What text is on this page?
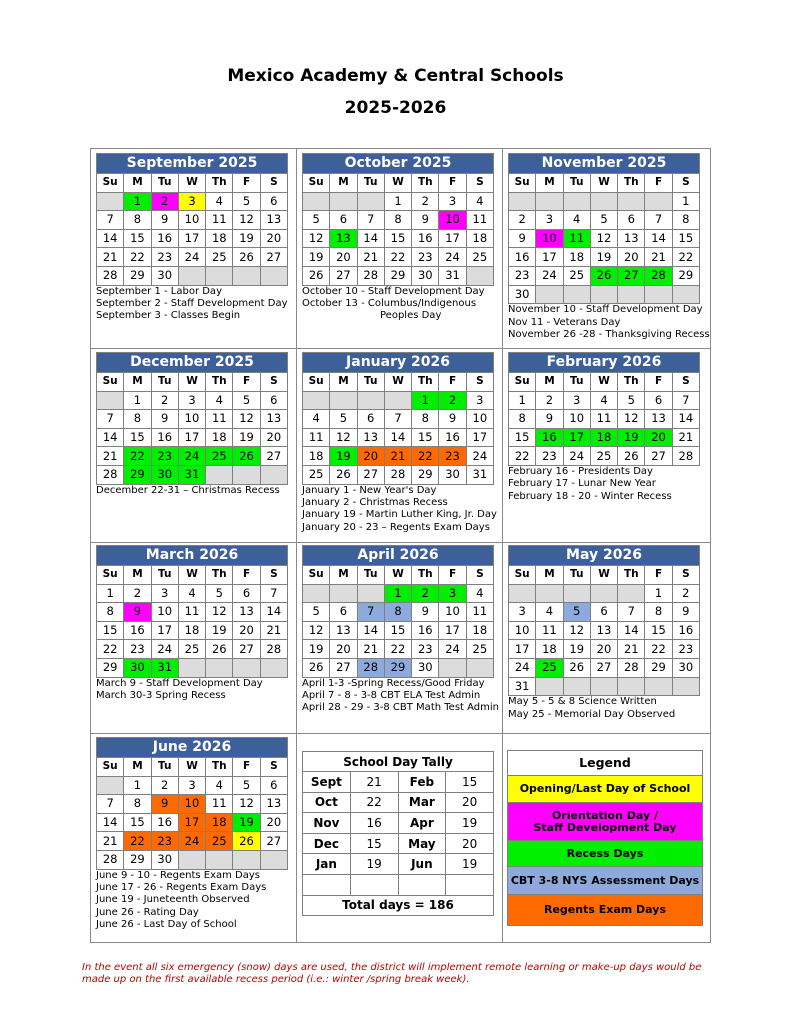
Mexico Academy & Central Schools
2025-2026
September 2025						
Su	M	Tu	W	Th	F	S
	1	2	3	4	5	6
7	8	9	10	11	12	13
14	15	16	17	18	19	20
21	22	23	24	25	26	27
28	29	30				
September 1 - Labor Day
September 2 - Staff Development Day
September 3 - Classes Begin
October 2025						
Su	M	Tu	W	Th	F	S
			1	2	3	4
5	6	7	8	9	10	11
12	13	14	15	16	17	18
19	20	21	22	23	24	25
26	27	28	29	30	31	
October 10 - Staff Development Day
October 13 - Columbus/Indigenous
Peoples Day
November 2025						
Su	M	Tu	W	Th	F	S
						1
2	3	4	5	6	7	8
9	10	11	12	13	14	15
16	17	18	19	20	21	22
23	24	25	26	27	28	29
30						
November 10 - Staff Development Day
Nov 11 - Veterans Day
November 26 -28 - Thanksgiving Recess
December 2025						
Su	M	Tu	W	Th	F	S
	1	2	3	4	5	6
7	8	9	10	11	12	13
14	15	16	17	18	19	20
21	22	23	24	25	26	27
28	29	30	31			
December 22-31 – Christmas Recess
January 2026						
Su	M	Tu	W	Th	F	S
				1	2	3
4	5	6	7	8	9	10
11	12	13	14	15	16	17
18	19	20	21	22	23	24
25	26	27	28	29	30	31
January 1 - New Year's Day
January 2 - Christmas Recess
January 19 - Martin Luther King, Jr. Day
January 20 - 23 – Regents Exam Days
February 2026						
Su	M	Tu	W	Th	F	S
1	2	3	4	5	6	7
8	9	10	11	12	13	14
15	16	17	18	19	20	21
22	23	24	25	26	27	28
February 16 - Presidents Day
February 17 - Lunar New Year
February 18 - 20 - Winter Recess
March 2026						
Su	M	Tu	W	Th	F	S
1	2	3	4	5	6	7
8	9	10	11	12	13	14
15	16	17	18	19	20	21
22	23	24	25	26	27	28
29	30	31				
March 9 - Staff Development Day
March 30-3 Spring Recess
April 2026						
Su	M	Tu	W	Th	F	S
			1	2	3	4
5	6	7	8	9	10	11
12	13	14	15	16	17	18
19	20	21	22	23	24	25
26	27	28	29	30		
April 1-3 -Spring Recess/Good Friday
April 7 - 8 - 3-8 CBT ELA Test Admin
April 28 - 29 - 3-8 CBT Math Test Admin
May 2026						
Su	M	Tu	W	Th	F	S
					1	2
3	4	5	6	7	8	9
10	11	12	13	14	15	16
17	18	19	20	21	22	23
24	25	26	27	28	29	30
31						
May 5 - 5 & 8 Science Written
May 25 - Memorial Day Observed
June 2026						
Su	M	Tu	W	Th	F	S
	1	2	3	4	5	6
7	8	9	10	11	12	13
14	15	16	17	18	19	20
21	22	23	24	25	26	27
28	29	30				
June 9 - 10 - Regents Exam Days
June 17 - 26 - Regents Exam Days
June 19 - Juneteenth Observed
June 26 - Rating Day
June 26 - Last Day of School
School Day Tally			
Sept	21	Feb	15
Oct	22	Mar	20
Nov	16	Apr	19
Dec	15	May	20
Jan	19	Jun	19

Total days = 186			
Legend
Opening/Last Day of School
Orientation Day /
Staff Development Day
Recess Days
CBT 3-8 NYS Assessment Days
Regents Exam Days
In the event all six emergency (snow) days are used, the district will implement remote learning or make-up days would be made up on the first available recess period (i.e.: winter /spring break week).
